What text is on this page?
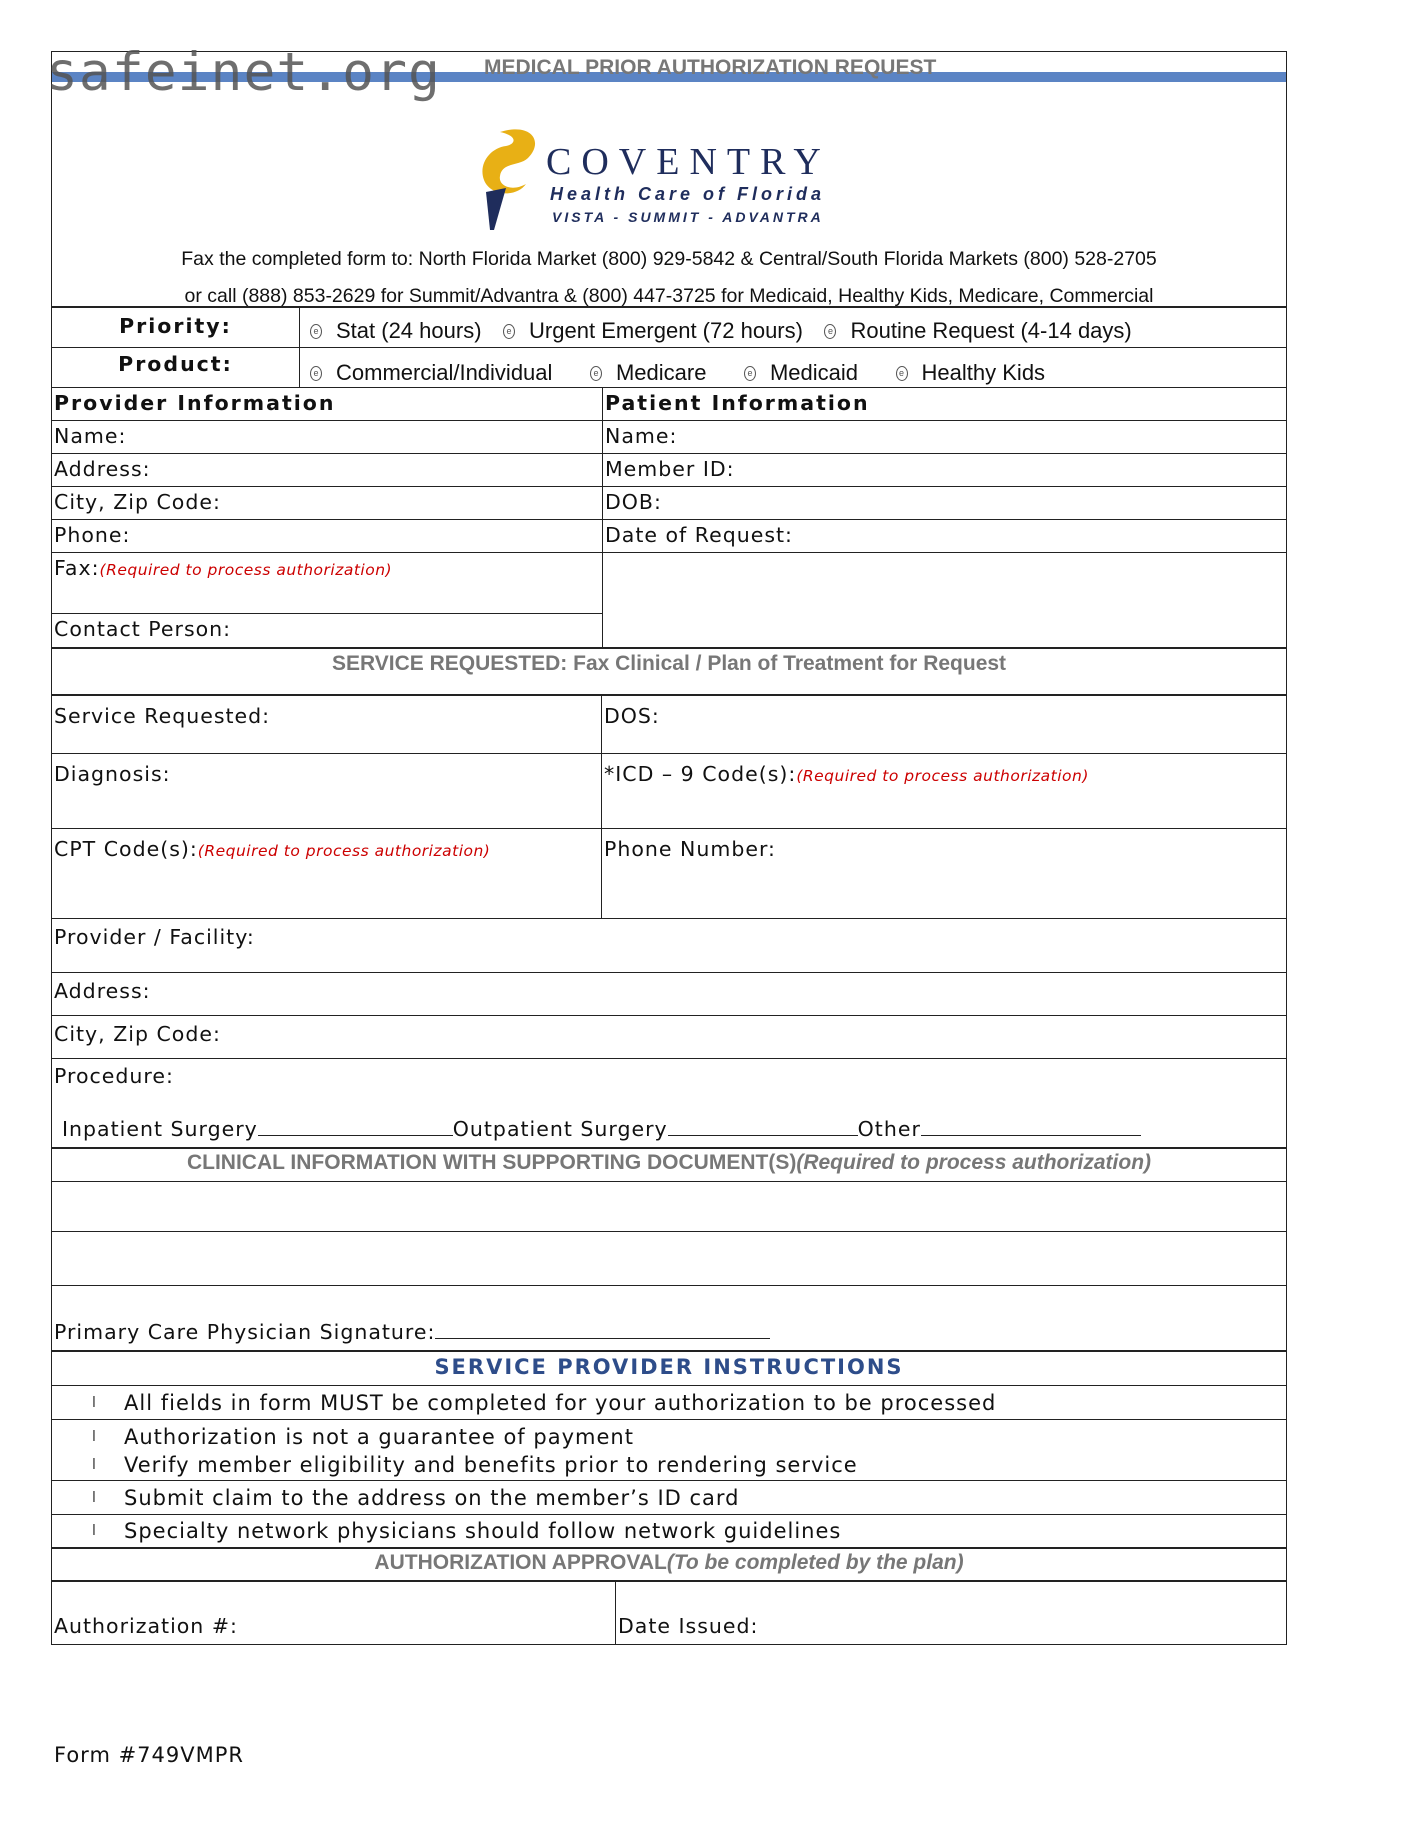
safeinet.org MEDICAL PRIOR AUTHORIZATION REQUEST
COVENTRY
Health Care of Florida
VISTA - SUMMIT - ADVANTRA
Fax the completed form to: North Florida Market (800) 929-5842 & Central/South Florida Markets (800) 528-2705
or call (888) 853-2629 for Summit/Advantra & (800) 447-3725 for Medicaid, Healthy Kids, Medicare, Commercial
Priority:	e Stat (24 hours)
	e Urgent Emergent (72 hours)
	e Routine Request (4-14 days)
Product:	e Commercial/Individual
	e Medicare
	e Medicaid
	e Healthy Kids
Provider Information
Name:
Address:
City, Zip Code:
Phone:
Fax:(Required to process authorization)
Contact Person:
Patient Information
Name:
Member ID:
DOB:
Date of Request:
SERVICE REQUESTED: Fax Clinical / Plan of Treatment for Request
Service Requested:	DOS:
Diagnosis:	*ICD – 9 Code(s):(Required to process authorization)
CPT Code(s):(Required to process authorization)	Phone Number:
Provider / Facility:
Address:
City, Zip Code:
Procedure:
Inpatient Surgery	Outpatient Surgery	Other
CLINICAL INFORMATION WITH SUPPORTING DOCUMENT(S)(Required to process authorization)
Primary Care Physician Signature:
SERVICE PROVIDER INSTRUCTIONS
l	All fields in form MUST be completed for your authorization to be processed
l	Authorization is not a guarantee of payment
l	Verify member eligibility and benefits prior to rendering service
l	Submit claim to the address on the member’s ID card
l	Specialty network physicians should follow network guidelines
AUTHORIZATION APPROVAL(To be completed by the plan)
Authorization #:	Date Issued:
Form #749VMPR
